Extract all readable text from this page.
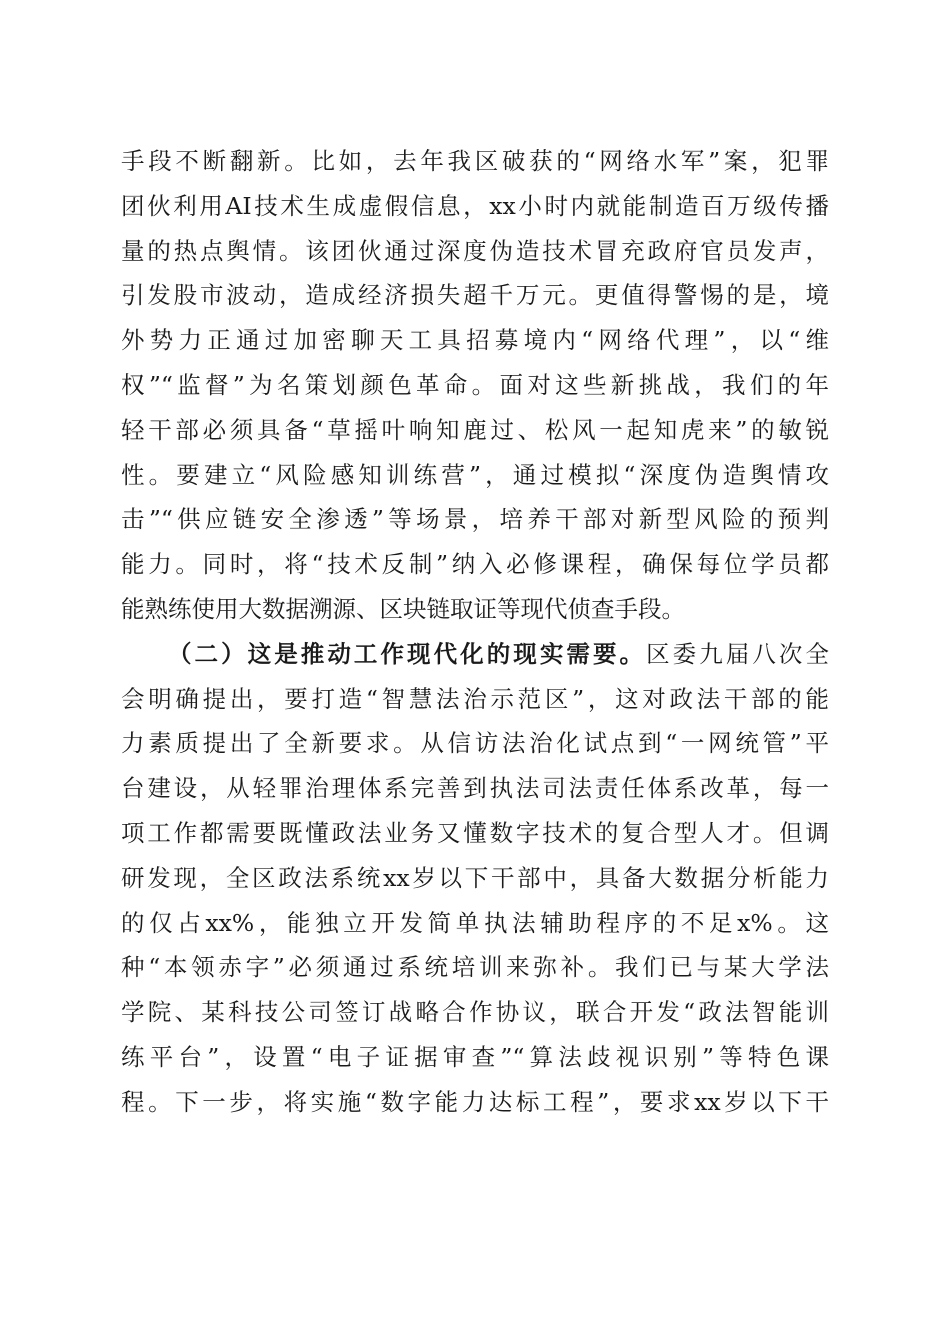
手段不断翻新。比如，去年我区破获的“网络水军”案，犯罪
团伙利用AI技术生成虚假信息，xx小时内就能制造百万级传播
量的热点舆情。该团伙通过深度伪造技术冒充政府官员发声，
引发股市波动，造成经济损失超千万元。更值得警惕的是，境
外势力正通过加密聊天工具招募境内“网络代理”，以“维
权”“监督”为名策划颜色革命。面对这些新挑战，我们的年
轻干部必须具备“草摇叶响知鹿过、松风一起知虎来”的敏锐
性。要建立“风险感知训练营”，通过模拟“深度伪造舆情攻
击”“供应链安全渗透”等场景，培养干部对新型风险的预判
能力。同时，将“技术反制”纳入必修课程，确保每位学员都
能熟练使用大数据溯源、区块链取证等现代侦查手段。
（二）这是推动工作现代化的现实需要。区委九届八次全
会明确提出，要打造“智慧法治示范区”，这对政法干部的能
力素质提出了全新要求。从信访法治化试点到“一网统管”平
台建设，从轻罪治理体系完善到执法司法责任体系改革，每一
项工作都需要既懂政法业务又懂数字技术的复合型人才。但调
研发现，全区政法系统xx岁以下干部中，具备大数据分析能力
的仅占xx%，能独立开发简单执法辅助程序的不足x%。这
种“本领赤字”必须通过系统培训来弥补。我们已与某大学法
学院、某科技公司签订战略合作协议，联合开发“政法智能训
练平台”，设置“电子证据审查”“算法歧视识别”等特色课
程。下一步，将实施“数字能力达标工程”，要求xx岁以下干
